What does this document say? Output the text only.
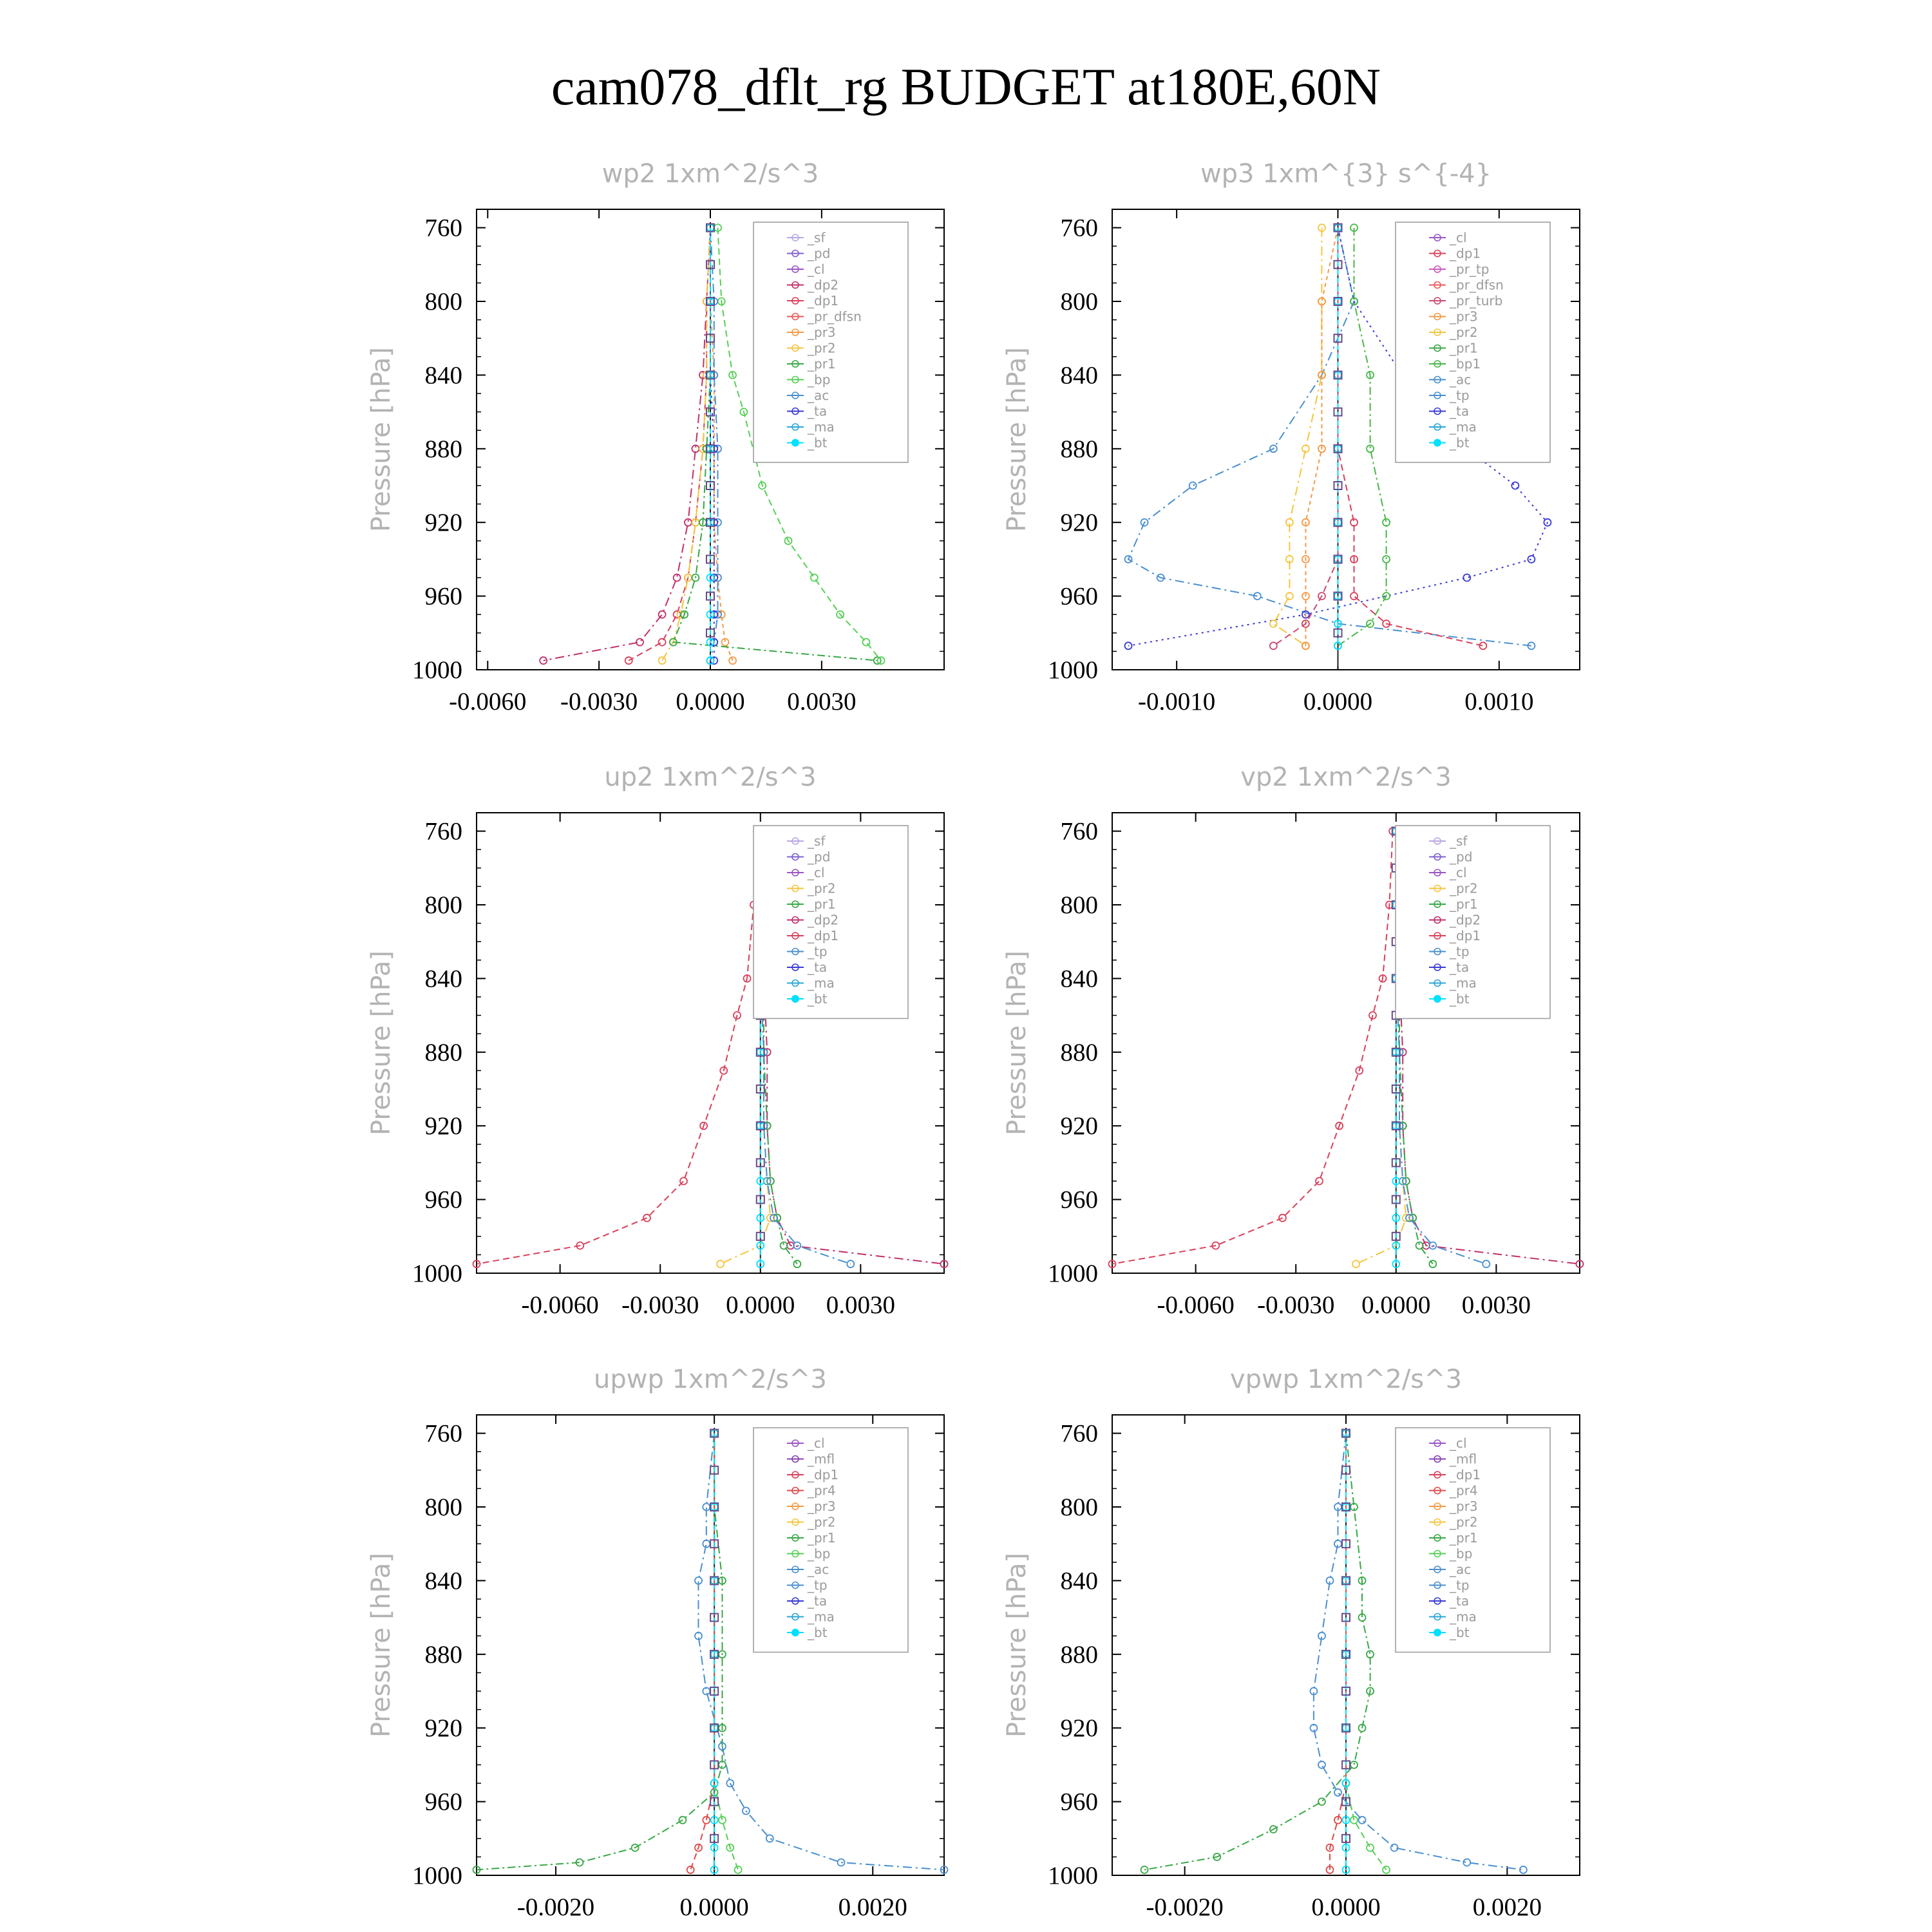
cam078_dflt_rg BUDGET at180E,60N
wp2 1xm^2/s^3
Pressure [hPa]
760
800
840
880
920
960
1000
-0.0060 -0.0030 0.0000 0.0030
_sf
_pd
_cl
_dp2
_dp1
_pr_dfsn
_pr3
_pr2
_pr1
_bp
_ac
_ta
_ma
_bt
wp3 1xm^{3} s^{-4}
Pressure [hPa]
760
800
840
880
920
960
1000
-0.0010	0.0000	0.0010
_cl
_dp1
_pr_tp
_pr_dfsn
_pr_turb
_pr3
_pr2
_pr1
_bp1
_ac
_tp
_ta
_ma
_bt
up2 1xm^2/s^3
Pressure [hPa]
760
800
840
880
920
960
1000
-0.0060 -0.0030 0.0000 0.0030
_sf
_pd
_cl
_pr2
_pr1
_dp2
_dp1
_tp
_ta
_ma
_bt
vp2 1xm^2/s^3
Pressure [hPa]
760
800
840
880
920
960
1000
-0.0060 -0.0030 0.0000 0.0030
_sf
_pd
_cl
_pr2
_pr1
_dp2
_dp1
_tp
_ta
_ma
_bt
upwp 1xm^2/s^3
Pressure [hPa]
760
800
840
880
920
960
1000
-0.0020	0.0000	0.0020
_cl
_mfl
_dp1
_pr4
_pr3
_pr2
_pr1
_bp
_ac
_tp
_ta
_ma
_bt
vpwp 1xm^2/s^3
Pressure [hPa]
760
800
840
880
920
960
1000
-0.0020	0.0000	0.0020
_cl
_mfl
_dp1
_pr4
_pr3
_pr2
_pr1
_bp
_ac
_tp
_ta
_ma
_bt
